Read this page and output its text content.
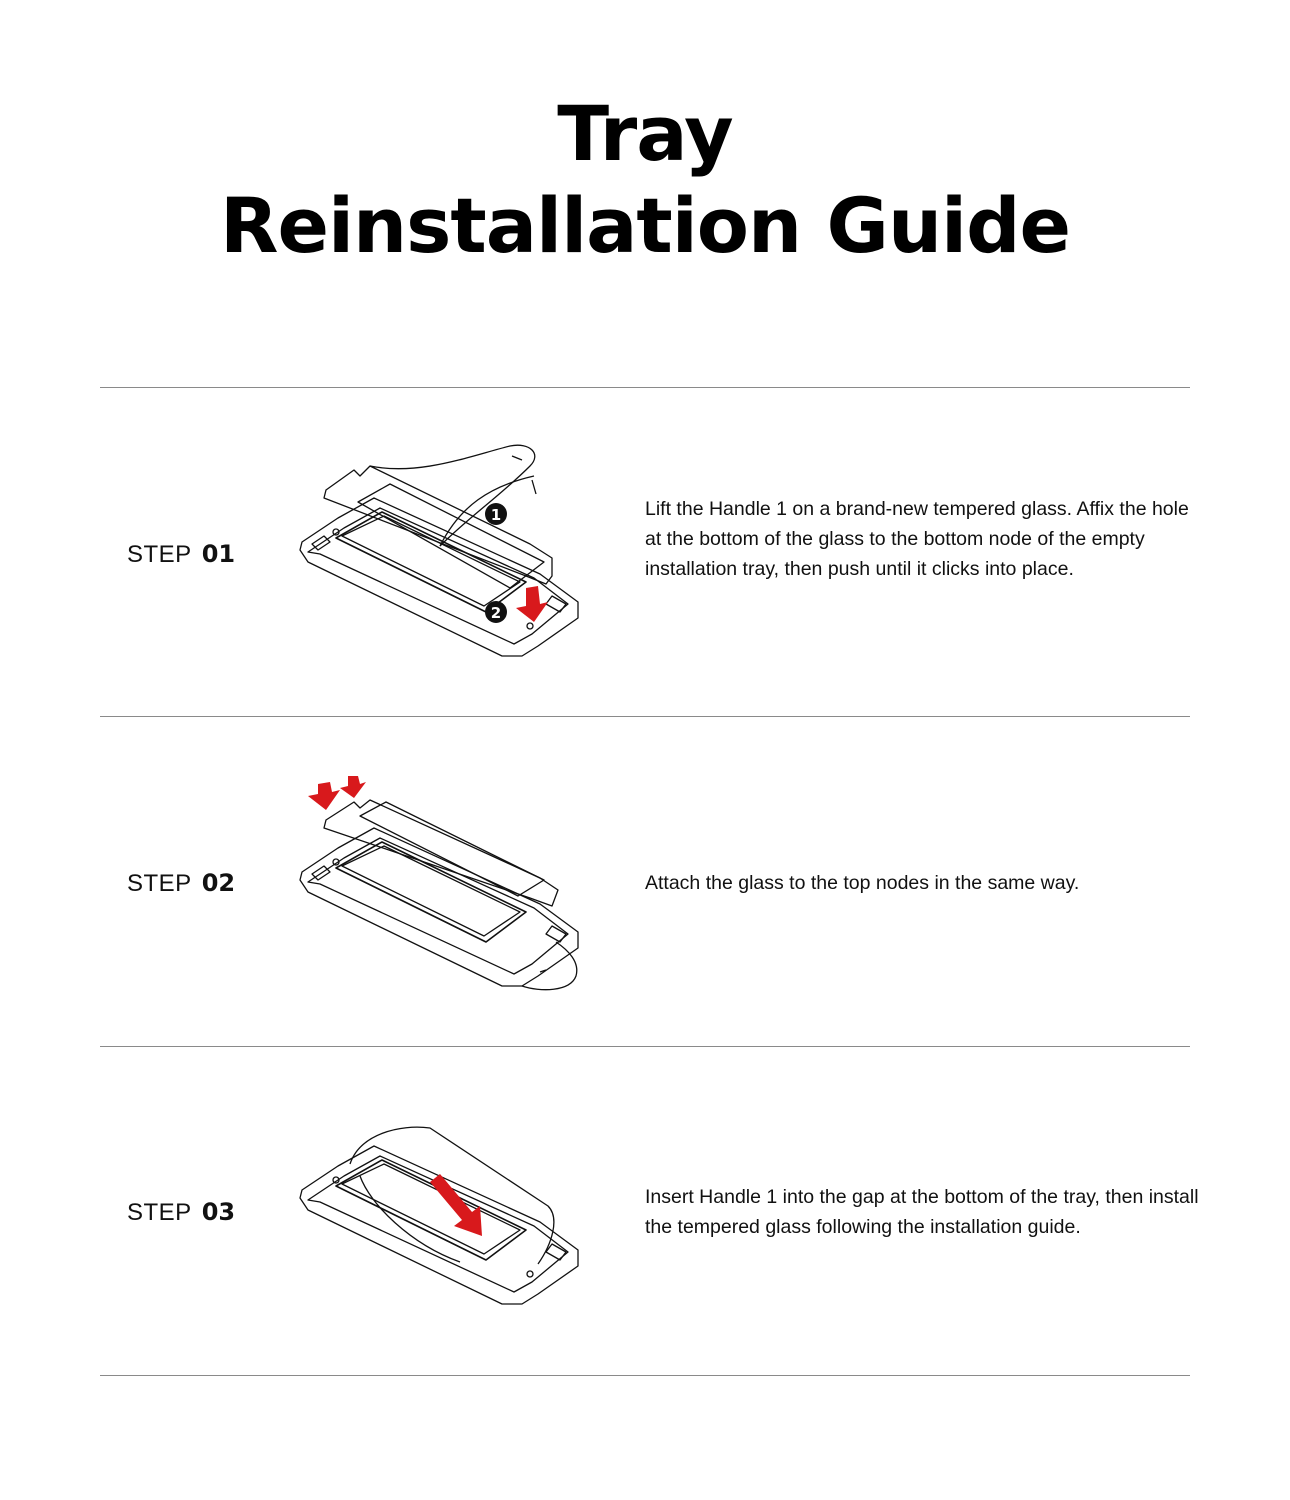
Tray
Reinstallation Guide
STEP 01
1
2
Lift the Handle 1 on a brand-new tempered glass. Affix the hole at the bottom of the glass to the bottom node of the empty installation tray, then push until it clicks into place.
STEP 02	Attach the glass to the top nodes in the same way.
STEP 03
Insert Handle 1 into the gap at the bottom of the tray, then install the tempered glass following the installation guide.
